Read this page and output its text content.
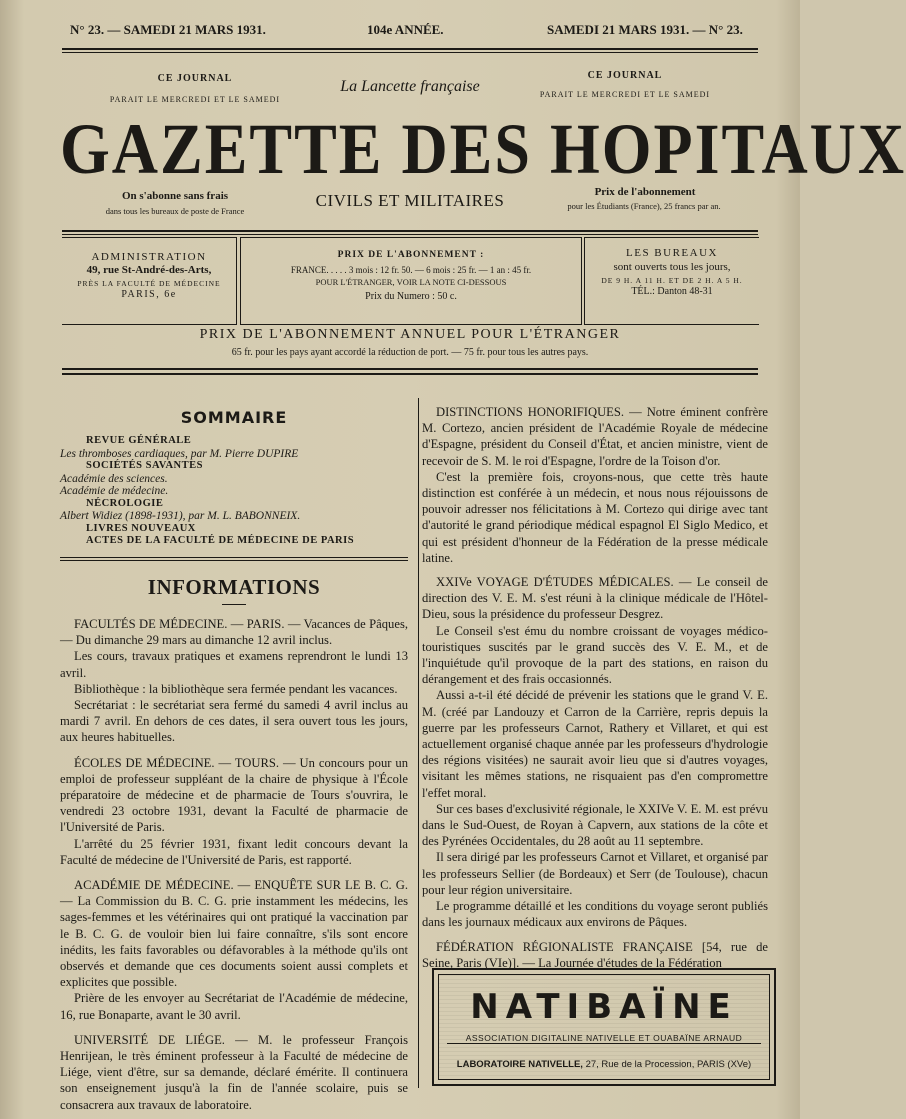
N° 23. — SAMEDI 21 MARS 1931.	104e ANNÉE.	SAMEDI 21 MARS 1931. — N° 23.
CE JOURNAL
PARAIT LE MERCREDI ET LE SAMEDI
La Lancette française
CE JOURNAL
PARAIT LE MERCREDI ET LE SAMEDI
GAZETTE DES HOPITAUX
On s'abonne sans frais
dans tous les bureaux de poste de France
CIVILS ET MILITAIRES	Prix de l'abonnement
pour les Étudiants (France), 25 francs par an.
ADMINISTRATION
49, rue St-André-des-Arts,
PRÈS LA FACULTÉ DE MÉDECINE
PARIS, 6e
PRIX DE L'ABONNEMENT :
FRANCE. . . . . 3 mois : 12 fr. 50. — 6 mois : 25 fr. — 1 an : 45 fr.
POUR L'ÉTRANGER, VOIR LA NOTE CI-DESSOUS
Prix du Numero : 50 c.
LES BUREAUX
sont ouverts tous les jours,
DE 9 H. A 11 H. ET DE 2 H. A 5 H.
TÉL.: Danton 48-31
PRIX DE L'ABONNEMENT ANNUEL POUR L'ÉTRANGER
65 fr. pour les pays ayant accordé la réduction de port. — 75 fr. pour tous les autres pays.
SOMMAIRE
REVUE GÉNÉRALE
Les thromboses cardiaques, par M. Pierre DUPIRE
SOCIÉTÉS SAVANTES
Académie des sciences.
Académie de médecine.
NÉCROLOGIE
Albert Widiez (1898-1931), par M. L. BABONNEIX.
LIVRES NOUVEAUX
ACTES DE LA FACULTÉ DE MÉDECINE DE PARIS
INFORMATIONS

FACULTÉS DE MÉDECINE. — PARIS. — Vacances de Pâques, — Du dimanche 29 mars au dimanche 12 avril inclus.

Les cours, travaux pratiques et examens reprendront le lundi 13 avril.

Bibliothèque : la bibliothèque sera fermée pendant les vacances.

Secrétariat : le secrétariat sera fermé du samedi 4 avril inclus au mardi 7 avril. En dehors de ces dates, il sera ouvert tous les jours, aux heures habituelles.

ÉCOLES DE MÉDECINE. — TOURS. — Un concours pour un emploi de professeur suppléant de la chaire de physique à l'École préparatoire de médecine et de pharmacie de Tours s'ouvrira, le vendredi 23 octobre 1931, devant la Faculté de pharmacie de l'Université de Paris.

L'arrêté du 25 février 1931, fixant ledit concours devant la Faculté de médecine de l'Université de Paris, est rapporté.

ACADÉMIE DE MÉDECINE. — ENQUÊTE SUR LE B. C. G. — La Commission du B. C. G. prie instamment les médecins, les sages-femmes et les vétérinaires qui ont pratiqué la vaccination par le B. C. G. de vouloir bien lui faire connaître, s'ils sont encore inédits, les faits favorables ou défavorables à la méthode qu'ils ont observés et demande que ces documents soient aussi complets et explicites que possible.

Prière de les envoyer au Secrétariat de l'Académie de médecine, 16, rue Bonaparte, avant le 30 avril.

UNIVERSITÉ DE LIÉGE. — M. le professeur François Henrijean, le très éminent professeur à la Faculté de médecine de Liége, vient d'être, sur sa demande, déclaré émérite. Il continuera son enseignement jusqu'à la fin de l'année scolaire, puis se consacrera aux travaux de laboratoire.

DISTINCTIONS HONORIFIQUES. — Notre éminent confrère M. Cortezo, ancien président de l'Académie Royale de médecine d'Espagne, président du Conseil d'État, et ancien ministre, vient de recevoir de S. M. le roi d'Espagne, l'ordre de la Toison d'or.

C'est la première fois, croyons-nous, que cette très haute distinction est conférée à un médecin, et nous nous réjouissons de pouvoir adresser nos félicitations à M. Cortezo qui dirige avec tant d'autorité le grand périodique médical espagnol El Siglo Medico, et qui est président d'honneur de la Fédération de la presse médicale latine.

XXIVe VOYAGE D'ÉTUDES MÉDICALES. — Le conseil de direction des V. E. M. s'est réuni à la clinique médicale de l'Hôtel-Dieu, sous la présidence du professeur Desgrez.

Le Conseil s'est ému du nombre croissant de voyages médico-touristiques suscités par le grand succès des V. E. M., et de l'inquiétude qu'il provoque de la part des stations, en raison du dérangement et des frais occasionnés.

Aussi a-t-il été décidé de prévenir les stations que le grand V. E. M. (créé par Landouzy et Carron de la Carrière, repris depuis la guerre par les professeurs Carnot, Rathery et Villaret, et qui est actuellement organisé chaque année par les professeurs d'hydrologie des régions visitées) ne saurait avoir lieu que si d'autres voyages, visitant les mêmes stations, ne risquaient pas d'en compromettre l'effet moral.

Sur ces bases d'exclusivité régionale, le XXIVe V. E. M. est prévu dans le Sud-Ouest, de Royan à Capvern, aux stations de la côte et des Pyrénées Occidentales, du 28 août au 11 septembre.

Il sera dirigé par les professeurs Carnot et Villaret, et organisé par les professeurs Sellier (de Bordeaux) et Serr (de Toulouse), chacun pour leur région universitaire.

Le programme détaillé et les conditions du voyage seront publiés dans les journaux médicaux aux environs de Pâques.

FÉDÉRATION RÉGIONALISTE FRANÇAISE [54, rue de Seine, Paris (VIe)]. — La Journée d'études de la Fédération

NATIBAÏNE
ASSOCIATION DIGITALINE NATIVELLE ET OUABAÏNE ARNAUD
LABORATOIRE NATIVELLE, 27, Rue de la Procession, PARIS (XVe)
